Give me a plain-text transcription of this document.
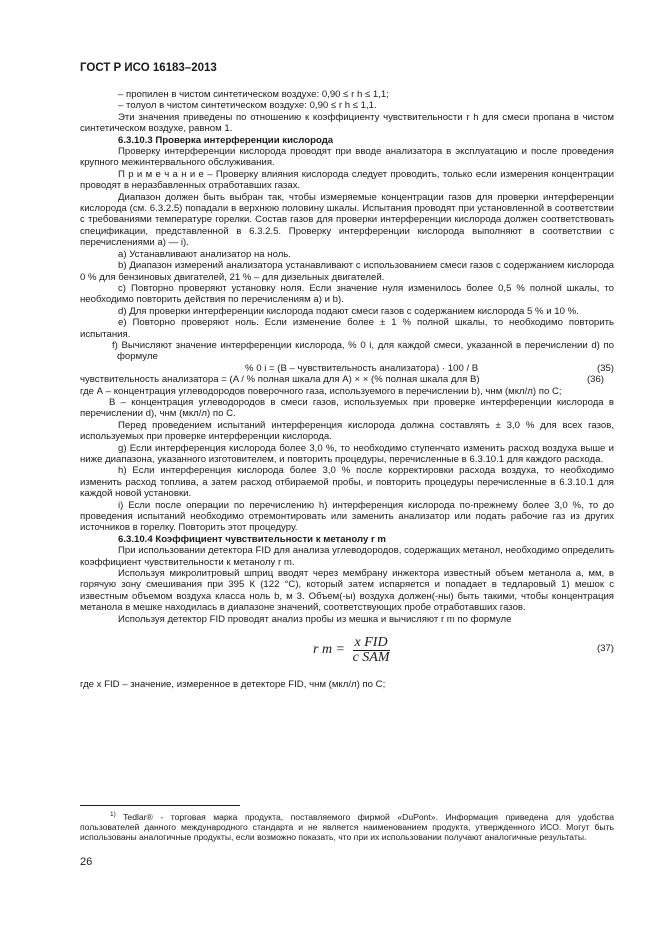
ГОСТ Р ИСО 16183–2013

– пропилен в чистом синтетическом воздухе: 0,90 ≤ r h ≤ 1,1;

– толуол в чистом синтетическом воздухе: 0,90 ≤ r h ≤ 1,1.

Эти значения приведены по отношению к коэффициенту чувствительности r h для смеси пропана в чистом синтетическом воздухе, равном 1.

6.3.10.3 Проверка интерференции кислорода

Проверку интерференции кислорода проводят при вводе анализатора в эксплуатацию и после проведения крупного межинтервального обслуживания.

П р и м е ч а н и е – Проверку влияния кислорода следует проводить, только если измерения концентрации проводят в неразбавленных отработавших газах.

Диапазон должен быть выбран так, чтобы измеряемые концентрации газов для проверки интерференции кислорода (см. 6.3.2.5) попадали в верхнюю половину шкалы. Испытания проводят при установленной в соответствии с требованиями температуре горелки. Состав газов для проверки интерференции кислорода должен соответствовать спецификации, представленной в 6.3.2.5. Проверку интерференции кислорода выполняют в соответствии с перечислениями а) — i).

а) Устанавливают анализатор на ноль.

b) Диапазон измерений анализатора устанавливают с использованием смеси газов с содержанием кислорода 0 % для бензиновых двигателей, 21 % – для дизельных двигателей.

с) Повторно проверяют установку ноля. Если значение нуля изменилось более 0,5 % полной шкалы, то необходимо повторить действия по перечислениям а) и b).

d) Для проверки интерференции кислорода подают смеси газов с содержанием кислорода 5 % и 10 %.

е) Повторно проверяют ноль. Если изменение более ± 1 % полной шкалы, то необходимо повторить испытания.

f) Вычисляют значение интерференции кислорода, % 0 i, для каждой смеси, указанной в перечислении d) по формуле

% 0 i = (B – чувствительность анализатора) · 100 / B	(35)
чувствительность анализатора = (A / % полная шкала для A) × × (% полная шкала для B)	(36)

где А – концентрация углеводородов поверочного газа, используемого в перечислении b), чнм (мкл/л) по С;

В – концентрация углеводородов в смеси газов, используемых при проверке интерференции кислорода в перечислении d), чнм (мкл/л) по С.

Перед проведением испытаний интерференция кислорода должна составлять ± 3,0 % для всех газов, используемых при проверке интерференции кислорода.

g) Если интерференция кислорода более 3,0 %, то необходимо ступенчато изменить расход воздуха выше и ниже диапазона, указанного изготовителем, и повторить процедуры, перечисленные в 6.3.10.1 для каждого расхода.

h) Если интерференция кислорода более 3,0 % после корректировки расхода воздуха, то необходимо изменить расход топлива, а затем расход отбираемой пробы, и повторить процедуры перечисленные в 6.3.10.1 для каждой новой установки.

i) Если после операции по перечислению h) интерференция кислорода по-прежнему более 3,0 %, то до проведения испытаний необходимо отремонтировать или заменить анализатор или подать рабочие газ из других источников в горелку. Повторить этот процедуру.

6.3.10.4 Коэффициент чувствительности к метанолу r m

При использовании детектора FID для анализа углеводородов, содержащих метанол, необходимо определить коэффициент чувствительности к метанолу r m.

Используя микролитровый шприц вводят через мембрану инжектора известный объем метанола a, мм, в горячую зону смешивания при 395 К (122 °С), который затем испаряется и попадает в тедларовый 1) мешок с известным объемом воздуха класса ноль b, м 3. Объем(-ы) воздуха должен(-ны) быть такими, чтобы концентрация метанола в мешке находилась в диапазоне значений, соответствующих пробе отработавших газов.

Используя детектор FID проводят анализ пробы из мешка и вычисляют r m по формуле

r $m = \frac{\text{x FID}}{\text{c SAM}}$	(37)

где x FID – значение, измеренное в детекторе FID, чнм (мкл/л) по С;

$^{1)}$ Tedlar® - торговая марка продукта, поставляемого фирмой «DuPont». Информация приведена для удобства пользователей данного международного стандарта и не является наименованием продукта, утвержденного ИСО. Могут быть использованы аналогичные продукты, если возможно показать, что при их использовании получают аналогичные результаты.
26
